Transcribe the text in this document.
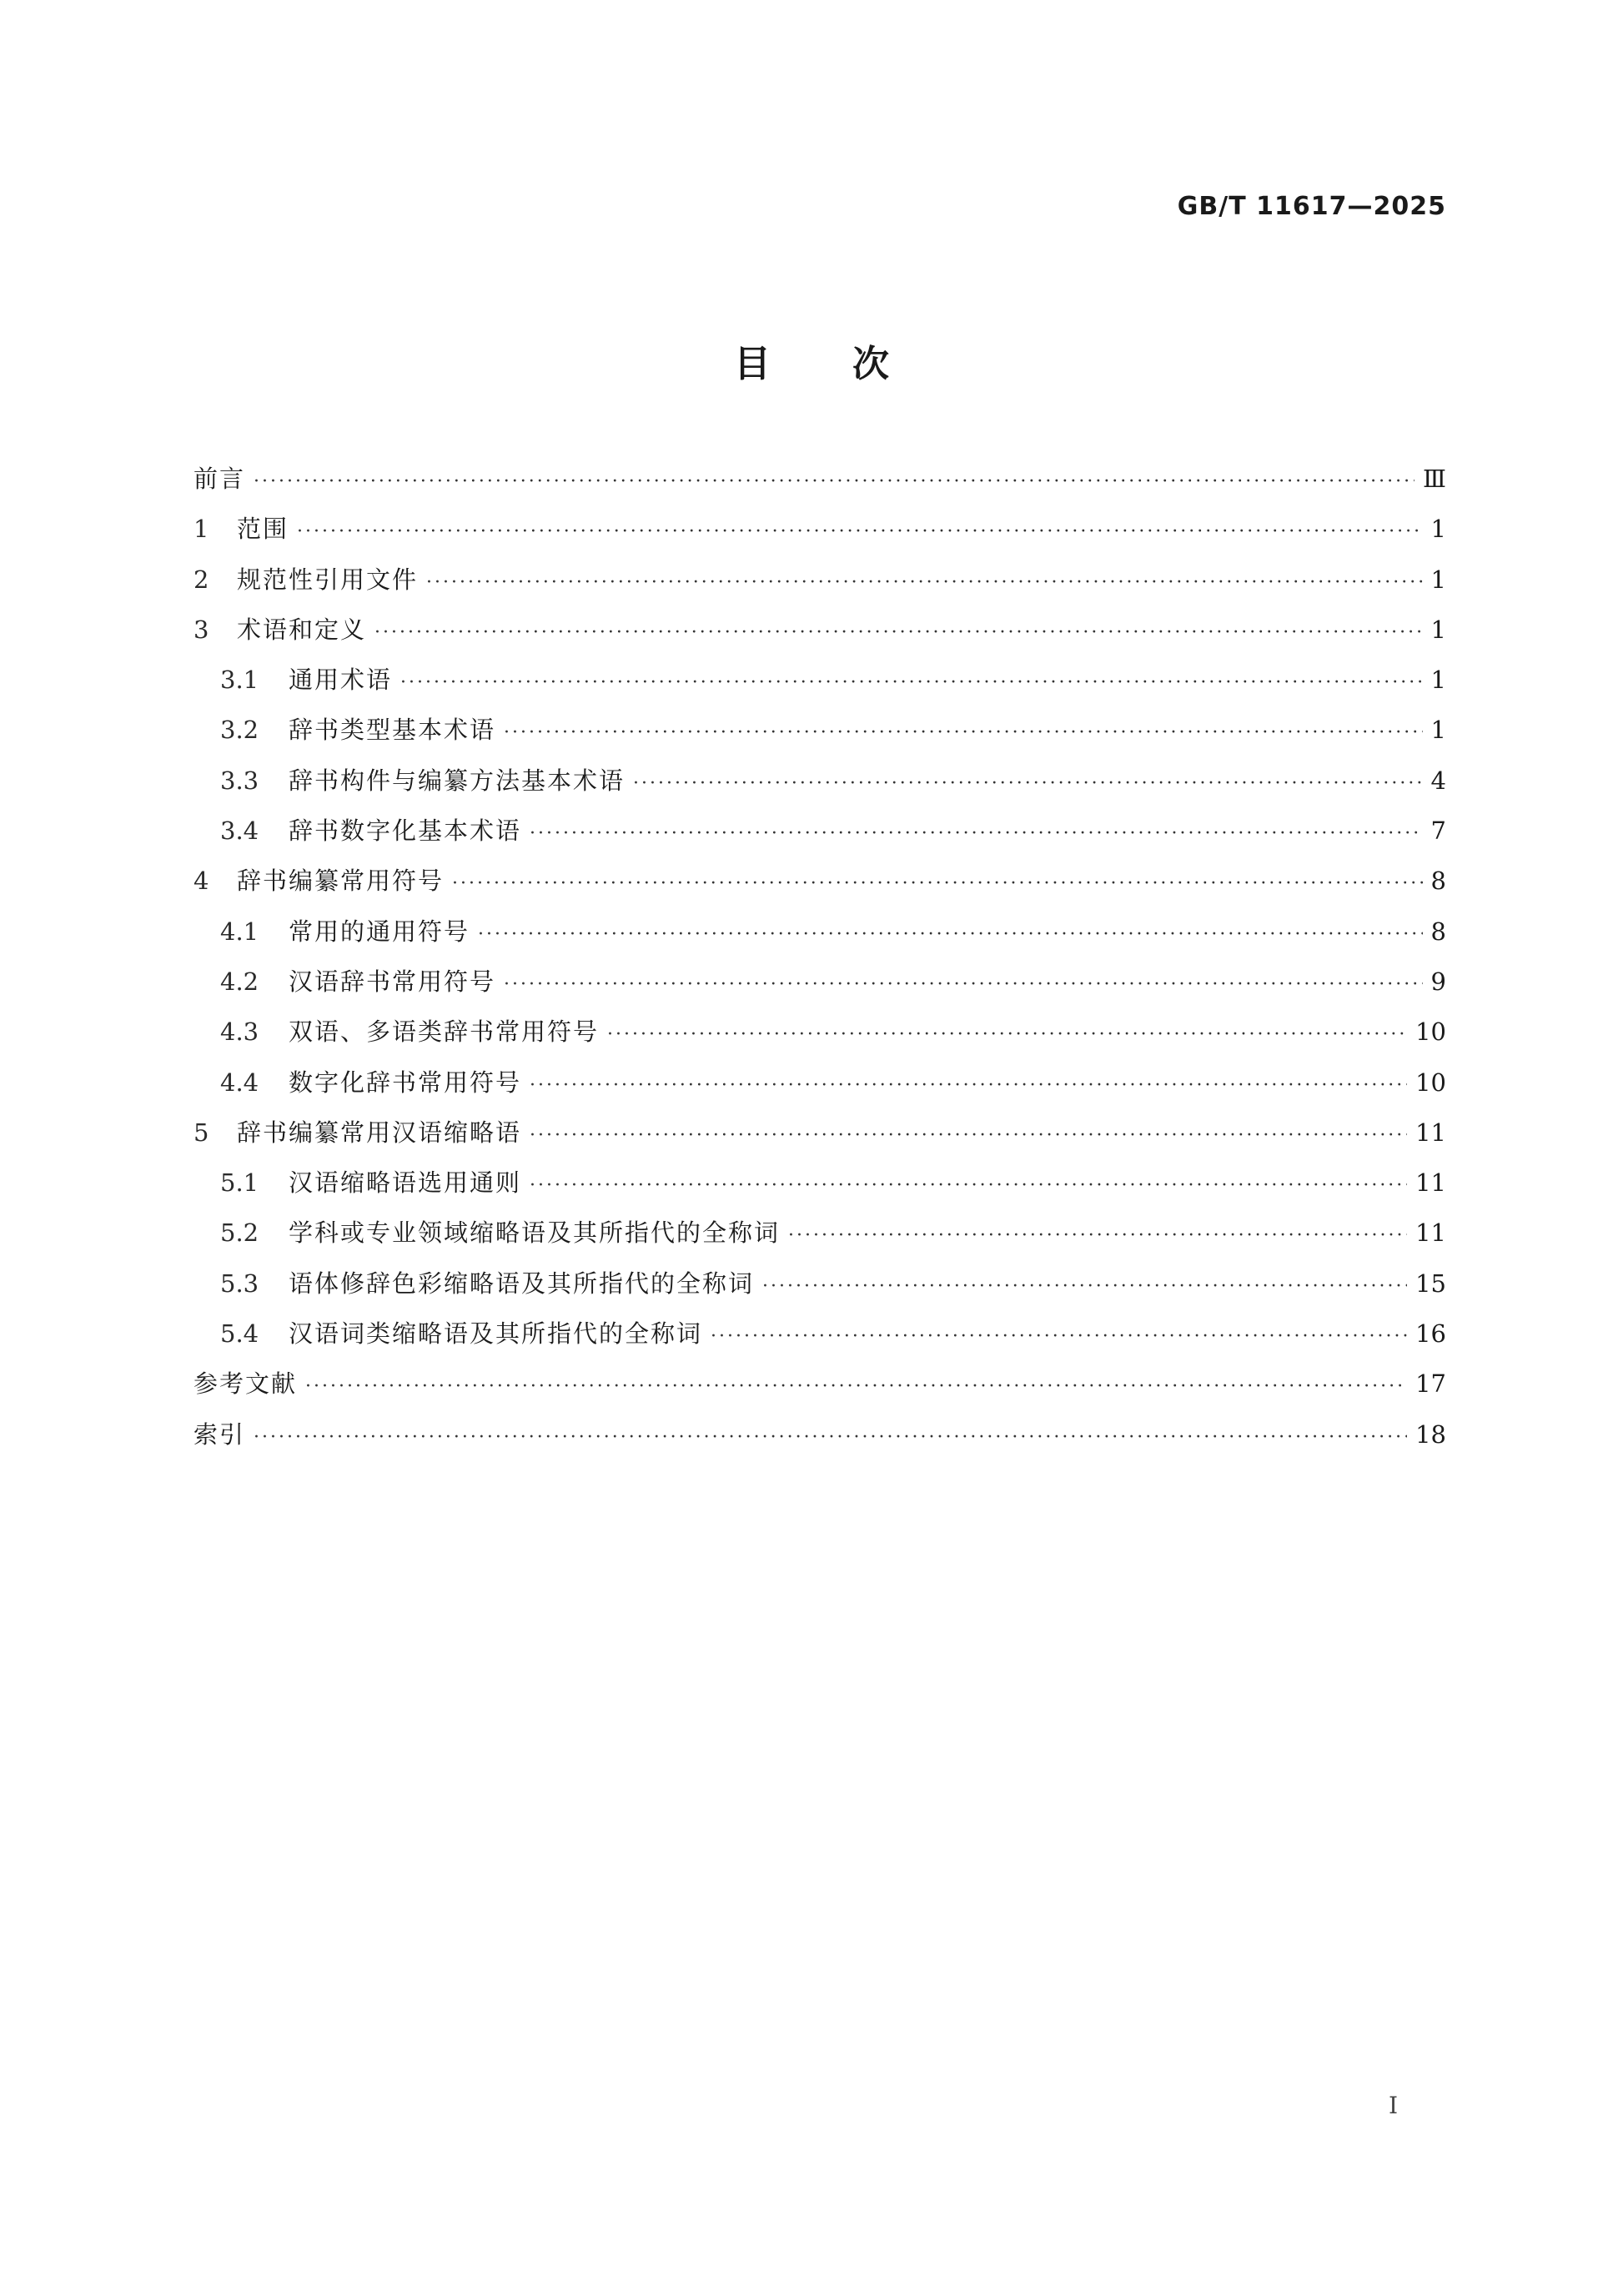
GB/T 11617—2025
目次
前言 ·····	Ⅲ
1	范围 ·····	1
2	规范性引用文件 ·····	1
3	术语和定义 ·····	1
3.1	通用术语 ·····	1
3.2	辞书类型基本术语 ·····	1
3.3	辞书构件与编纂方法基本术语 ·····	4
3.4	辞书数字化基本术语 ·····	7
4	辞书编纂常用符号 ·····	8
4.1	常用的通用符号 ·····	8
4.2	汉语辞书常用符号 ·····	9
4.3	双语、多语类辞书常用符号 ·····	10
4.4	数字化辞书常用符号 ·····	10
5	辞书编纂常用汉语缩略语 ·····	11
5.1	汉语缩略语选用通则 ·····	11
5.2	学科或专业领域缩略语及其所指代的全称词 ·····	11
5.3	语体修辞色彩缩略语及其所指代的全称词 ·····	15
5.4	汉语词类缩略语及其所指代的全称词 ·····	16
参考文献 ·····	17
索引 ·····	18
I
